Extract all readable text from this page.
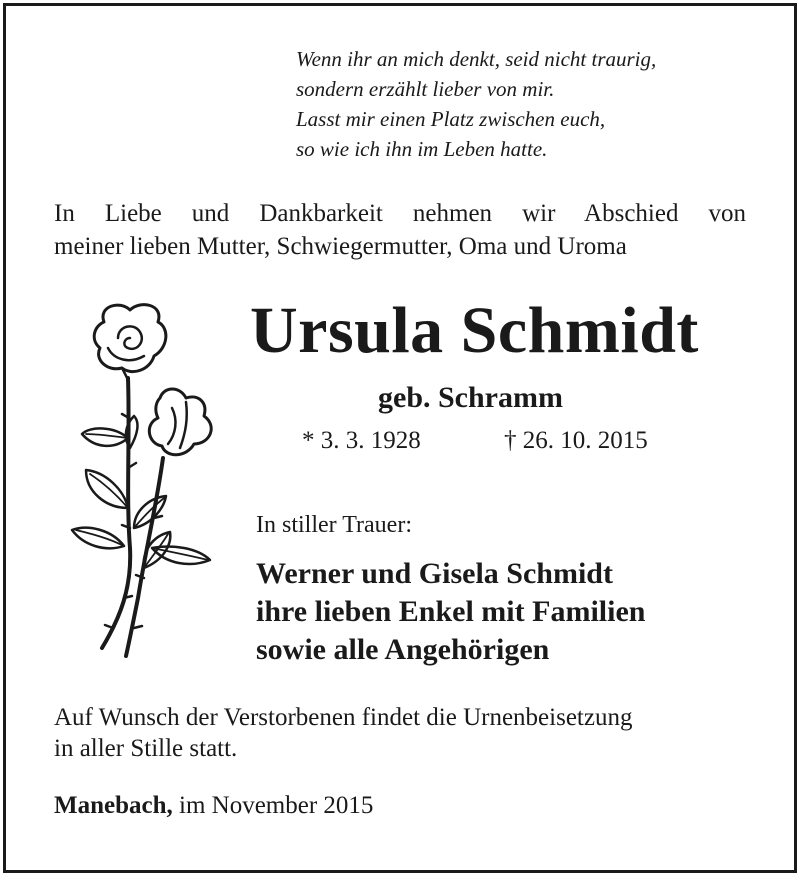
Wenn ihr an mich denkt, seid nicht traurig,
sondern erzählt lieber von mir.
Lasst mir einen Platz zwischen euch,
so wie ich ihn im Leben hatte.
In Liebe und Dankbarkeit nehmen wir Abschied von
meiner lieben Mutter, Schwiegermutter, Oma und Uroma
Ursula Schmidt
geb. Schramm
* 3. 3. 1928	† 26. 10. 2015
In stiller Trauer:
Werner und Gisela Schmidt
ihre lieben Enkel mit Familien
sowie alle Angehörigen
Auf Wunsch der Verstorbenen findet die Urnenbeisetzung
in aller Stille statt.
Manebach, im November 2015
